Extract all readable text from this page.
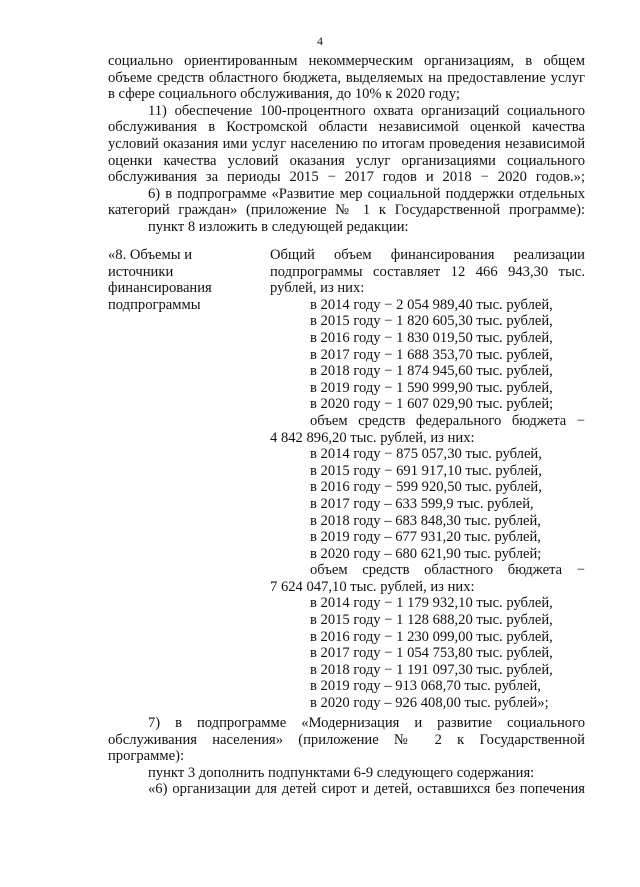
4
социально ориентированным некоммерческим организациям, в общем
объеме средств областного бюджета, выделяемых на предоставление услуг
в сфере социального обслуживания, до 10% к 2020 году;
11) обеспечение 100-процентного охвата организаций социального
обслуживания в Костромской области независимой оценкой качества
условий оказания ими услуг населению по итогам проведения независимой
оценки качества условий оказания услуг организациями социального
обслуживания за периоды 2015 − 2017 годов и 2018 − 2020 годов.»;
6) в подпрограмме «Развитие мер социальной поддержки отдельных
категорий граждан» (приложение № 1 к Государственной программе):
пункт 8 изложить в следующей редакции:
«8. Объемы и
источники
финансирования
подпрограммы
Общий объем финансирования реализации
подпрограммы составляет 12 466 943,30 тыс.
рублей, из них:
в 2014 году − 2 054 989,40 тыс. рублей,
в 2015 году − 1 820 605,30 тыс. рублей,
в 2016 году − 1 830 019,50 тыс. рублей,
в 2017 году − 1 688 353,70 тыс. рублей,
в 2018 году − 1 874 945,60 тыс. рублей,
в 2019 году − 1 590 999,90 тыс. рублей,
в 2020 году − 1 607 029,90 тыс. рублей;
объем средств федерального бюджета −
4 842 896,20 тыс. рублей, из них:
в 2014 году − 875 057,30 тыс. рублей,
в 2015 году − 691 917,10 тыс. рублей,
в 2016 году − 599 920,50 тыс. рублей,
в 2017 году – 633 599,9 тыс. рублей,
в 2018 году – 683 848,30 тыс. рублей,
в 2019 году – 677 931,20 тыс. рублей,
в 2020 году – 680 621,90 тыс. рублей;
объем средств областного бюджета −
7 624 047,10 тыс. рублей, из них:
в 2014 году − 1 179 932,10 тыс. рублей,
в 2015 году − 1 128 688,20 тыс. рублей,
в 2016 году − 1 230 099,00 тыс. рублей,
в 2017 году − 1 054 753,80 тыс. рублей,
в 2018 году − 1 191 097,30 тыс. рублей,
в 2019 году – 913 068,70 тыс. рублей,
в 2020 году – 926 408,00 тыс. рублей»;
7) в подпрограмме «Модернизация и развитие социального
обслуживания населения» (приложение № 2 к Государственной
программе):
пункт 3 дополнить подпунктами 6-9 следующего содержания:
«6) организации для детей сирот и детей, оставшихся без попечения
